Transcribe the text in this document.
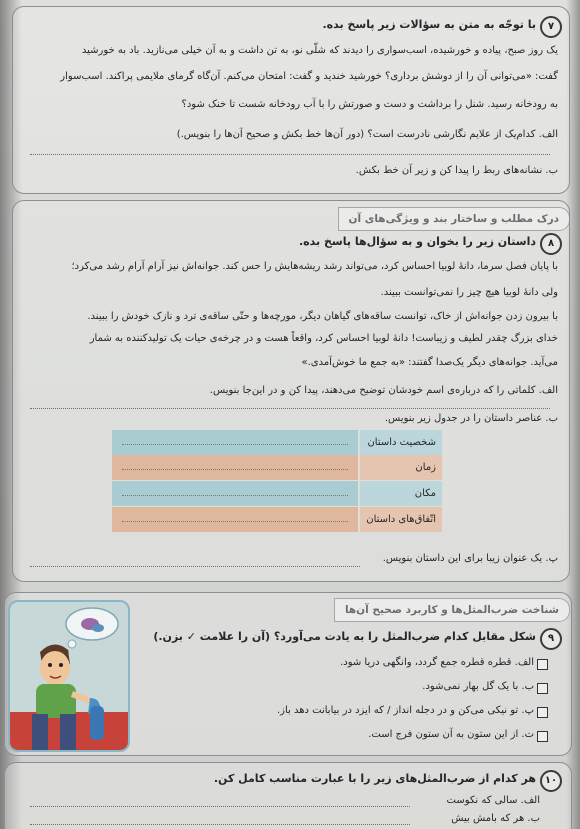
۷
با توجّه به متن به سؤالات زیر پاسخ بده.
یک روز صبح، پیاده و خورشیده، اسب‌سواری را دیدند که شلّی نو، به تن داشت و به آن خیلی می‌نازید. باد به خورشید
گفت: «می‌توانی آن را از دوشش برداری؟ خورشید خندید و گفت: امتحان می‌کنم. آن‌گاه گرمای ملایمی پراکند. اسب‌سوار
به رودخانه رسید. شنل را برداشت و دست و صورتش را با آب رودخانه شست تا خنک شود؟
الف. کدام‌یک از علایم نگارشی نادرست است؟ (دور آن‌ها خط بکش و صحیح آن‌ها را بنویس.)
ب. نشانه‌های ربط را پیدا کن و زیر آن خط بکش.
درک مطلب و ساختار بند و ویژگی‌های آن
۸
داستان زیر را بخوان و به سؤال‌ها پاسخ بده.
با پایان فصل سرما، دانهٔ لوبیا احساس کرد، می‌تواند رشد ریشه‌هایش را حس کند. جوانه‌اش نیز آرام آرام رشد می‌کرد؛
ولی دانهٔ لوبیا هیچ چیز را نمی‌توانست ببیند.
با بیرون زدن جوانه‌اش از خاک، توانست ساقه‌های گیاهان دیگر، مورچه‌ها و حتّی ساقه‌ی ترد و نازک خودش را ببیند.
خدای بزرگ چقدر لطیف و زیباست! دانهٔ لوبیا احساس کرد، واقعاً هست و در چرخه‌ی حیات یک تولیدکننده به شمار
می‌آید. جوانه‌های دیگر یک‌صدا گفتند: «به جمع ما خوش‌آمدی.»
الف. کلماتی را که درباره‌ی اسم خودشان توضیح می‌دهند، پیدا کن و در این‌جا بنویس.
ب. عناصر داستان را در جدول زیر بنویس.
شخصیت داستان
زمان
مکان
اتّفاق‌های داستان
پ. یک عنوان زیبا برای این داستان بنویس.
شناخت ضرب‌المثل‌ها و کاربرد صحیح آن‌ها
۹
شکل مقابل کدام ضرب‌المثل را به یادت می‌آورد؟ (آن را علامت ✓ بزن.)
الف. قطره قطره جمع گردد، وانگهی دریا شود.
ب. با یک گل بهار نمی‌شود.
پ. تو نیکی می‌کن و در دجله انداز / که ایزد در بیابانت دهد باز.
ت. از این ستون به آن ستون فرج است.
۱۰
هر کدام از ضرب‌المثل‌های زیر را با عبارت مناسب کامل کن.
الف. سالی که نکوست
ب. هر که بامش بیش
